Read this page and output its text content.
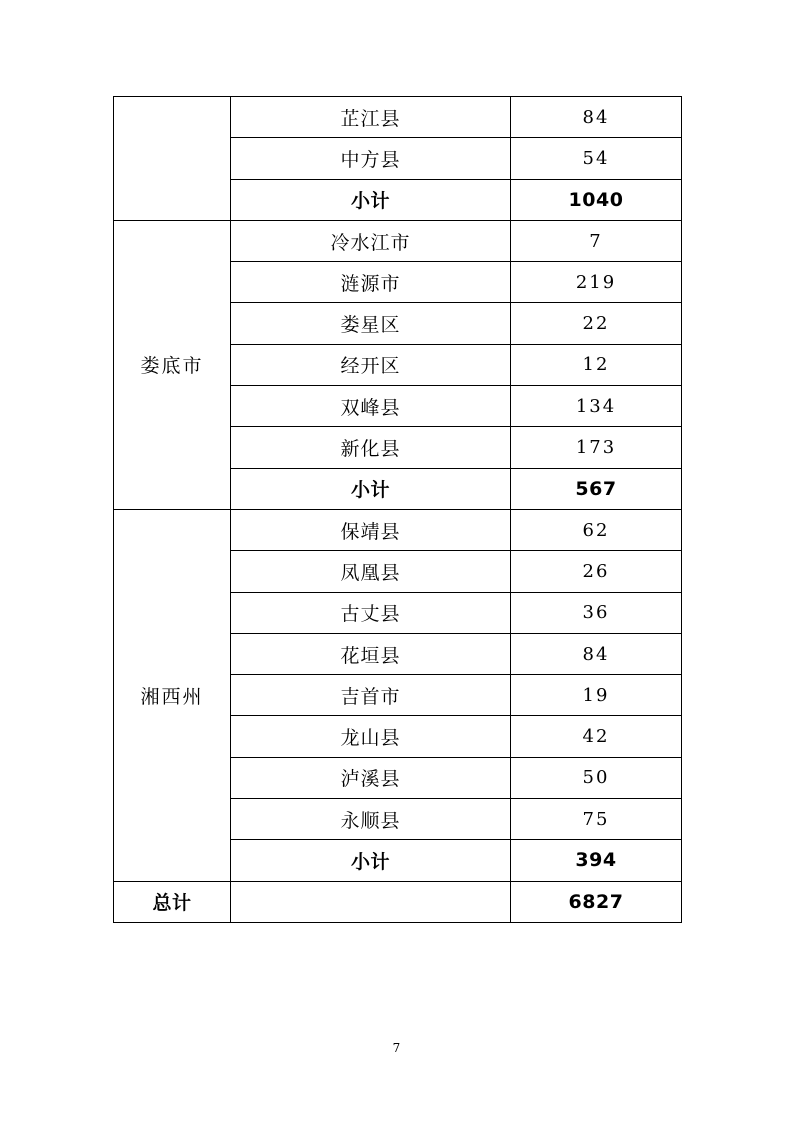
	芷江县	84
	中方县	54
	小计	1040
娄底市	冷水江市	7
	涟源市	219
	娄星区	22
	经开区	12
	双峰县	134
	新化县	173
	小计	567
湘西州	保靖县	62
	凤凰县	26
	古丈县	36
	花垣县	84
	吉首市	19
	龙山县	42
	泸溪县	50
	永顺县	75
	小计	394
总计		6827
7
